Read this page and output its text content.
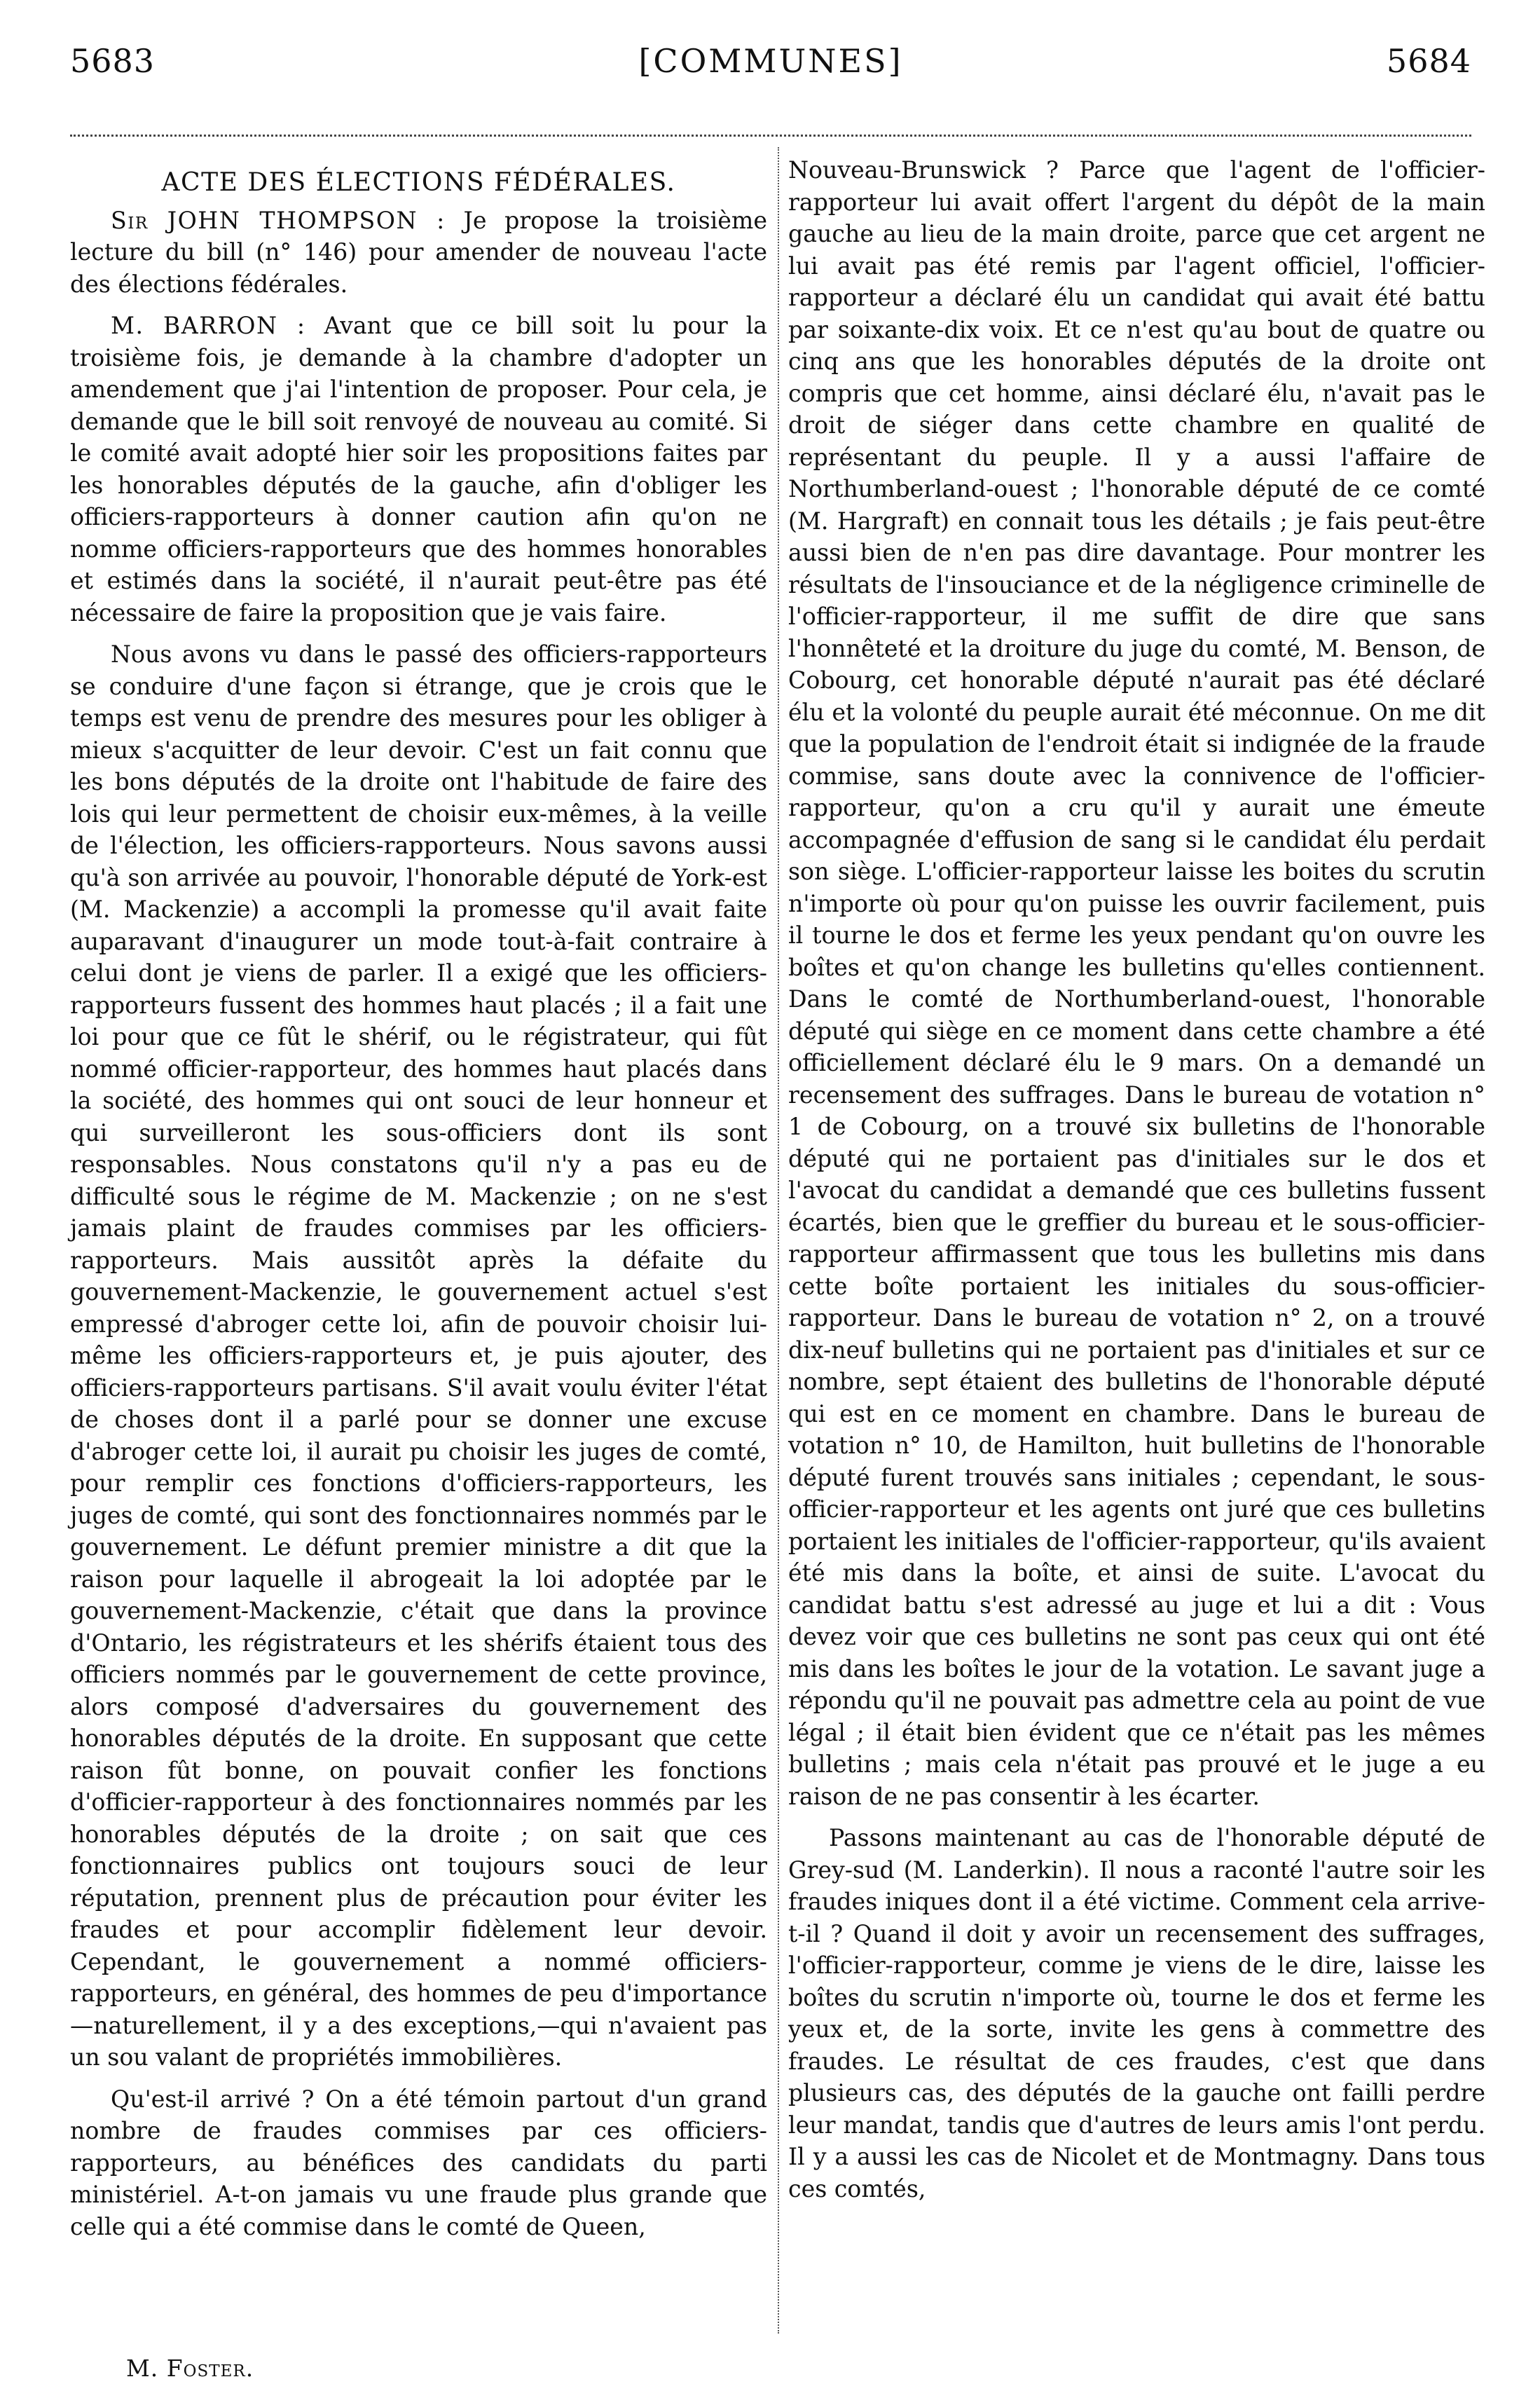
[COMMUNES]
5683	5684
ACTE DES ÉLECTIONS FÉDÉRALES.

Sir JOHN THOMPSON : Je propose la troisième lecture du bill (n° 146) pour amender de nouveau l'acte des élections fédérales.

M. BARRON : Avant que ce bill soit lu pour la troisième fois, je demande à la chambre d'adopter un amendement que j'ai l'intention de proposer. Pour cela, je demande que le bill soit renvoyé de nouveau au comité. Si le comité avait adopté hier soir les propositions faites par les honorables députés de la gauche, afin d'obliger les officiers-rapporteurs à donner caution afin qu'on ne nomme officiers-rapporteurs que des hommes honorables et estimés dans la société, il n'aurait peut-être pas été nécessaire de faire la proposition que je vais faire.

Nous avons vu dans le passé des officiers-rapporteurs se conduire d'une façon si étrange, que je crois que le temps est venu de prendre des mesures pour les obliger à mieux s'acquitter de leur devoir. C'est un fait connu que les bons députés de la droite ont l'habitude de faire des lois qui leur permettent de choisir eux-mêmes, à la veille de l'élection, les officiers-rapporteurs. Nous savons aussi qu'à son arrivée au pouvoir, l'honorable député de York-est (M. Mackenzie) a accompli la promesse qu'il avait faite auparavant d'inaugurer un mode tout-à-fait contraire à celui dont je viens de parler. Il a exigé que les officiers-rapporteurs fussent des hommes haut placés ; il a fait une loi pour que ce fût le shérif, ou le régistrateur, qui fût nommé officier-rapporteur, des hommes haut placés dans la société, des hommes qui ont souci de leur honneur et qui surveilleront les sous-officiers dont ils sont responsables. Nous constatons qu'il n'y a pas eu de difficulté sous le régime de M. Mackenzie ; on ne s'est jamais plaint de fraudes commises par les officiers-rapporteurs. Mais aussitôt après la défaite du gouvernement-Mackenzie, le gouvernement actuel s'est empressé d'abroger cette loi, afin de pouvoir choisir lui-même les officiers-rapporteurs et, je puis ajouter, des officiers-rapporteurs partisans. S'il avait voulu éviter l'état de choses dont il a parlé pour se donner une excuse d'abroger cette loi, il aurait pu choisir les juges de comté, pour remplir ces fonctions d'officiers-rapporteurs, les juges de comté, qui sont des fonctionnaires nommés par le gouvernement. Le défunt premier ministre a dit que la raison pour laquelle il abrogeait la loi adoptée par le gouvernement-Mackenzie, c'était que dans la province d'Ontario, les régistrateurs et les shérifs étaient tous des officiers nommés par le gouvernement de cette province, alors composé d'adversaires du gouvernement des honorables députés de la droite. En supposant que cette raison fût bonne, on pouvait confier les fonctions d'officier-rapporteur à des fonctionnaires nommés par les honorables députés de la droite ; on sait que ces fonctionnaires publics ont toujours souci de leur réputation, prennent plus de précaution pour éviter les fraudes et pour accomplir fidèlement leur devoir. Cependant, le gouvernement a nommé officiers-rapporteurs, en général, des hommes de peu d'importance—naturellement, il y a des exceptions,—qui n'avaient pas un sou valant de propriétés immobilières.

Qu'est-il arrivé ? On a été témoin partout d'un grand nombre de fraudes commises par ces officiers-rapporteurs, au bénéfices des candidats du parti ministériel. A-t-on jamais vu une fraude plus grande que celle qui a été commise dans le comté de Queen,

Nouveau-Brunswick ? Parce que l'agent de l'officier-rapporteur lui avait offert l'argent du dépôt de la main gauche au lieu de la main droite, parce que cet argent ne lui avait pas été remis par l'agent officiel, l'officier-rapporteur a déclaré élu un candidat qui avait été battu par soixante-dix voix. Et ce n'est qu'au bout de quatre ou cinq ans que les honorables députés de la droite ont compris que cet homme, ainsi déclaré élu, n'avait pas le droit de siéger dans cette chambre en qualité de représentant du peuple. Il y a aussi l'affaire de Northumberland-ouest ; l'honorable député de ce comté (M. Hargraft) en connait tous les détails ; je fais peut-être aussi bien de n'en pas dire davantage. Pour montrer les résultats de l'insouciance et de la négligence criminelle de l'officier-rapporteur, il me suffit de dire que sans l'honnêteté et la droiture du juge du comté, M. Benson, de Cobourg, cet honorable député n'aurait pas été déclaré élu et la volonté du peuple aurait été méconnue. On me dit que la population de l'endroit était si indignée de la fraude commise, sans doute avec la connivence de l'officier-rapporteur, qu'on a cru qu'il y aurait une émeute accompagnée d'effusion de sang si le candidat élu perdait son siège. L'officier-rapporteur laisse les boites du scrutin n'importe où pour qu'on puisse les ouvrir facilement, puis il tourne le dos et ferme les yeux pendant qu'on ouvre les boîtes et qu'on change les bulletins qu'elles contiennent. Dans le comté de Northumberland-ouest, l'honorable député qui siège en ce moment dans cette chambre a été officiellement déclaré élu le 9 mars. On a demandé un recensement des suffrages. Dans le bureau de votation n° 1 de Cobourg, on a trouvé six bulletins de l'honorable député qui ne portaient pas d'initiales sur le dos et l'avocat du candidat a demandé que ces bulletins fussent écartés, bien que le greffier du bureau et le sous-officier-rapporteur affirmassent que tous les bulletins mis dans cette boîte portaient les initiales du sous-officier-rapporteur. Dans le bureau de votation n° 2, on a trouvé dix-neuf bulletins qui ne portaient pas d'initiales et sur ce nombre, sept étaient des bulletins de l'honorable député qui est en ce moment en chambre. Dans le bureau de votation n° 10, de Hamilton, huit bulletins de l'honorable député furent trouvés sans initiales ; cependant, le sous-officier-rapporteur et les agents ont juré que ces bulletins portaient les initiales de l'officier-rapporteur, qu'ils avaient été mis dans la boîte, et ainsi de suite. L'avocat du candidat battu s'est adressé au juge et lui a dit : Vous devez voir que ces bulletins ne sont pas ceux qui ont été mis dans les boîtes le jour de la votation. Le savant juge a répondu qu'il ne pouvait pas admettre cela au point de vue légal ; il était bien évident que ce n'était pas les mêmes bulletins ; mais cela n'était pas prouvé et le juge a eu raison de ne pas consentir à les écarter.

Passons maintenant au cas de l'honorable député de Grey-sud (M. Landerkin). Il nous a raconté l'autre soir les fraudes iniques dont il a été victime. Comment cela arrive-t-il ? Quand il doit y avoir un recensement des suffrages, l'officier-rapporteur, comme je viens de le dire, laisse les boîtes du scrutin n'importe où, tourne le dos et ferme les yeux et, de la sorte, invite les gens à commettre des fraudes. Le résultat de ces fraudes, c'est que dans plusieurs cas, des députés de la gauche ont failli perdre leur mandat, tandis que d'autres de leurs amis l'ont perdu. Il y a aussi les cas de Nicolet et de Montmagny. Dans tous ces comtés,

M. Foster.
